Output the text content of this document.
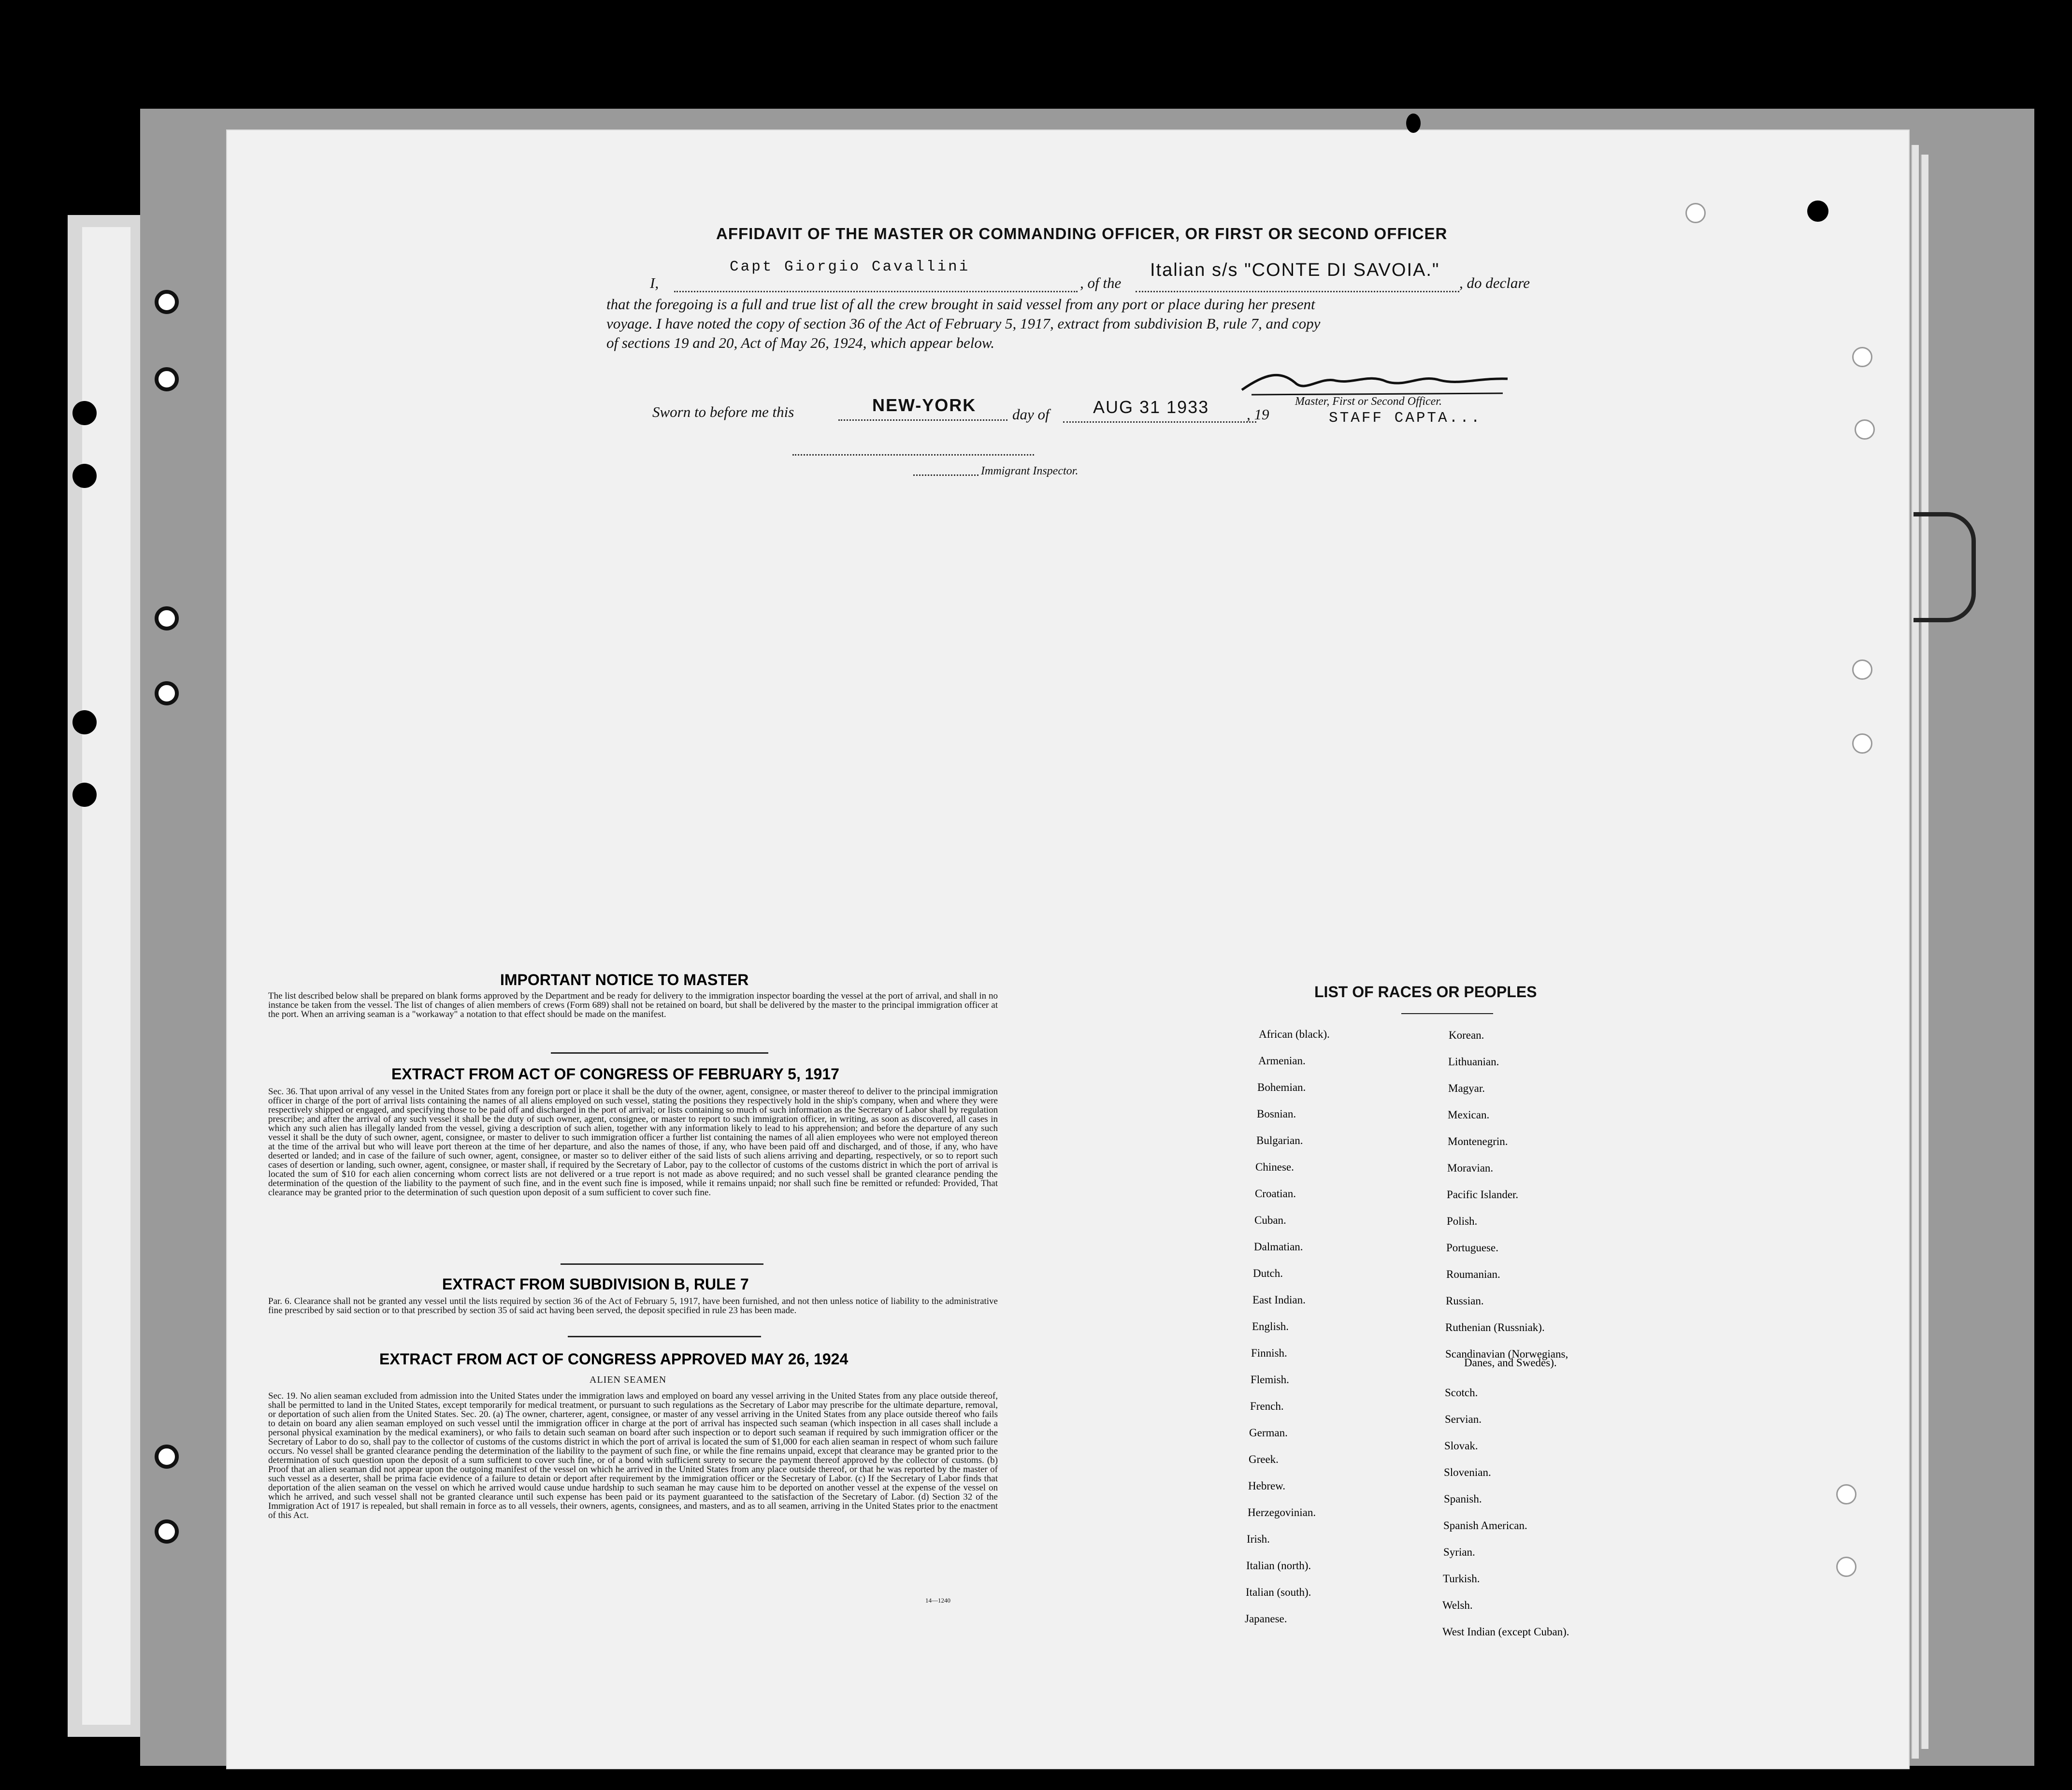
AFFIDAVIT OF THE MASTER OR COMMANDING OFFICER, OR FIRST OR SECOND OFFICER
I,
Capt Giorgio Cavallini
, of the
Italian s/s "CONTE DI SAVOIA."
, do declare
that the foregoing is a full and true list of all the crew brought in said vessel from any port or place during her present
voyage. I have noted the copy of section 36 of the Act of February 5, 1917, extract from subdivision B, rule 7, and copy
of sections 19 and 20, Act of May 26, 1924, which appear below.
Sworn to before me this	NEW-YORK day of	AUG 31 1933	, 19
Master, First or Second Officer.
STAFF CAPTA...
Immigrant Inspector.
IMPORTANT NOTICE TO MASTER
The list described below shall be prepared on blank forms approved by the Department and be ready for delivery to the immigration inspector boarding the vessel at the port of arrival, and shall in no instance be taken from the vessel. The list of changes of alien members of crews (Form 689) shall not be retained on board, but shall be delivered by the master to the principal immigration officer at the port. When an arriving seaman is a "workaway" a notation to that effect should be made on the manifest.
EXTRACT FROM ACT OF CONGRESS OF FEBRUARY 5, 1917
Sec. 36. That upon arrival of any vessel in the United States from any foreign port or place it shall be the duty of the owner, agent, consignee, or master thereof to deliver to the principal immigration officer in charge of the port of arrival lists containing the names of all aliens employed on such vessel, stating the positions they respectively hold in the ship's company, when and where they were respectively shipped or engaged, and specifying those to be paid off and discharged in the port of arrival; or lists containing so much of such information as the Secretary of Labor shall by regulation prescribe; and after the arrival of any such vessel it shall be the duty of such owner, agent, consignee, or master to report to such immigration officer, in writing, as soon as discovered, all cases in which any such alien has illegally landed from the vessel, giving a description of such alien, together with any information likely to lead to his apprehension; and before the departure of any such vessel it shall be the duty of such owner, agent, consignee, or master to deliver to such immigration officer a further list containing the names of all alien employees who were not employed thereon at the time of the arrival but who will leave port thereon at the time of her departure, and also the names of those, if any, who have been paid off and discharged, and of those, if any, who have deserted or landed; and in case of the failure of such owner, agent, consignee, or master so to deliver either of the said lists of such aliens arriving and departing, respectively, or so to report such cases of desertion or landing, such owner, agent, consignee, or master shall, if required by the Secretary of Labor, pay to the collector of customs of the customs district in which the port of arrival is located the sum of $10 for each alien concerning whom correct lists are not delivered or a true report is not made as above required; and no such vessel shall be granted clearance pending the determination of the question of the liability to the payment of such fine, and in the event such fine is imposed, while it remains unpaid; nor shall such fine be remitted or refunded: Provided, That clearance may be granted prior to the determination of such question upon deposit of a sum sufficient to cover such fine.
EXTRACT FROM SUBDIVISION B, RULE 7
Par. 6. Clearance shall not be granted any vessel until the lists required by section 36 of the Act of February 5, 1917, have been furnished, and not then unless notice of liability to the administrative fine prescribed by said section or to that prescribed by section 35 of said act having been served, the deposit specified in rule 23 has been made.
EXTRACT FROM ACT OF CONGRESS APPROVED MAY 26, 1924
ALIEN SEAMEN
Sec. 19. No alien seaman excluded from admission into the United States under the immigration laws and employed on board any vessel arriving in the United States from any place outside thereof, shall be permitted to land in the United States, except temporarily for medical treatment, or pursuant to such regulations as the Secretary of Labor may prescribe for the ultimate departure, removal, or deportation of such alien from the United States. Sec. 20. (a) The owner, charterer, agent, consignee, or master of any vessel arriving in the United States from any place outside thereof who fails to detain on board any alien seaman employed on such vessel until the immigration officer in charge at the port of arrival has inspected such seaman (which inspection in all cases shall include a personal physical examination by the medical examiners), or who fails to detain such seaman on board after such inspection or to deport such seaman if required by such immigration officer or the Secretary of Labor to do so, shall pay to the collector of customs of the customs district in which the port of arrival is located the sum of $1,000 for each alien seaman in respect of whom such failure occurs. No vessel shall be granted clearance pending the determination of the liability to the payment of such fine, or while the fine remains unpaid, except that clearance may be granted prior to the determination of such question upon the deposit of a sum sufficient to cover such fine, or of a bond with sufficient surety to secure the payment thereof approved by the collector of customs. (b) Proof that an alien seaman did not appear upon the outgoing manifest of the vessel on which he arrived in the United States from any place outside thereof, or that he was reported by the master of such vessel as a deserter, shall be prima facie evidence of a failure to detain or deport after requirement by the immigration officer or the Secretary of Labor. (c) If the Secretary of Labor finds that deportation of the alien seaman on the vessel on which he arrived would cause undue hardship to such seaman he may cause him to be deported on another vessel at the expense of the vessel on which he arrived, and such vessel shall not be granted clearance until such expense has been paid or its payment guaranteed to the satisfaction of the Secretary of Labor. (d) Section 32 of the Immigration Act of 1917 is repealed, but shall remain in force as to all vessels, their owners, agents, consignees, and masters, and as to all seamen, arriving in the United States prior to the enactment of this Act.
14—1240
LIST OF RACES OR PEOPLES
African (black).
Armenian.
Bohemian.
Bosnian.
Bulgarian.
Chinese.
Croatian.
Cuban.
Dalmatian.
Dutch.
East Indian.
English.
Finnish.
Flemish.
French.
German.
Greek.
Hebrew.
Herzegovinian.
Irish.
Italian (north).
Italian (south).
Japanese.
Korean.
Lithuanian.
Magyar.
Mexican.
Montenegrin.
Moravian.
Pacific Islander.
Polish.
Portuguese.
Roumanian.
Russian.
Ruthenian (Russniak).
Scandinavian (Norwegians,
Scotch.
Servian.
Slovak.
Slovenian.
Spanish.
Spanish American.
Syrian.
Turkish.
Welsh.
West Indian (except Cuban).
Danes, and Swedes).
